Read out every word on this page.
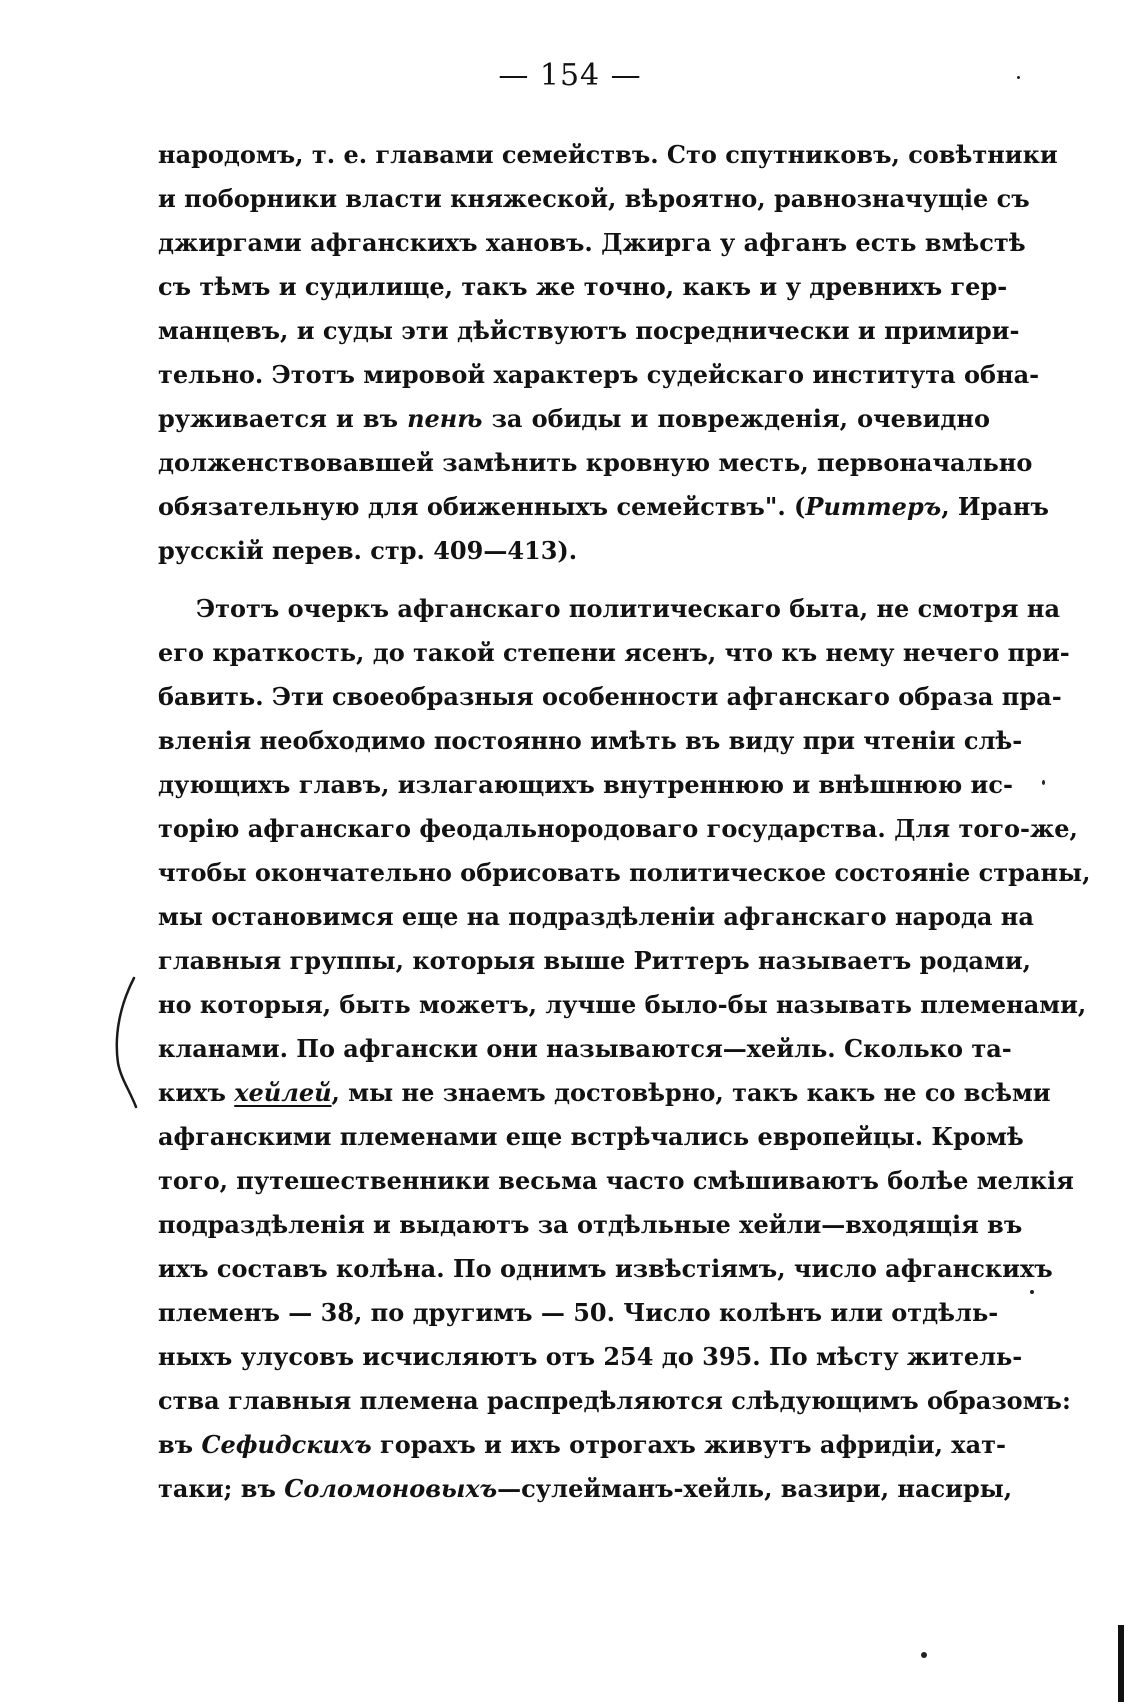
— 154 —
народомъ, т. е. главами семействъ. Сто спутниковъ, совѣтники
и поборники власти княжеской, вѣроятно, равнозначущіе съ
джиргами афганскихъ хановъ. Джирга у афганъ есть вмѣстѣ
съ тѣмъ и судилище, такъ же точно, какъ и у древнихъ гер-
манцевъ, и суды эти дѣйствуютъ посреднически и примири-
тельно. Этотъ мировой характеръ судейскаго института обна-
руживается и въ пенѣ за обиды и поврежденія, очевидно
долженствовавшей замѣнить кровную месть, первоначально
обязательную для обиженныхъ семействъ". (Риттеръ, Иранъ
русскій перев. стр. 409—413).
Этотъ очеркъ афганскаго политическаго быта, не смотря на
его краткость, до такой степени ясенъ, что къ нему нечего при-
бавить. Эти своеобразныя особенности афганскаго образа пра-
вленія необходимо постоянно имѣть въ виду при чтеніи слѣ-
дующихъ главъ, излагающихъ внутреннюю и внѣшнюю ис-
торію афганскаго феодальнородоваго государства. Для того-же,
чтобы окончательно обрисовать политическое состояніе страны,
мы остановимся еще на подраздѣленіи афганскаго народа на
главныя группы, которыя выше Риттеръ называетъ родами,
но которыя, быть можетъ, лучше было-бы называть племенами,
кланами. По афгански они называются—хейль. Сколько та-
кихъ хейлей, мы не знаемъ достовѣрно, такъ какъ не со всѣми
афганскими племенами еще встрѣчались европейцы. Кромѣ
того, путешественники весьма часто смѣшиваютъ болѣе мелкія
подраздѣленія и выдаютъ за отдѣльные хейли—входящія въ
ихъ составъ колѣна. По однимъ извѣстіямъ, число афганскихъ
племенъ — 38, по другимъ — 50. Число колѣнъ или отдѣль-
ныхъ улусовъ исчисляютъ отъ 254 до 395. По мѣсту житель-
ства главныя племена распредѣляются слѣдующимъ образомъ:
въ Сефидскихъ горахъ и ихъ отрогахъ живутъ афридіи, хат-
таки; въ Соломоновыхъ—сулейманъ-хейль, вазири, насиры,
